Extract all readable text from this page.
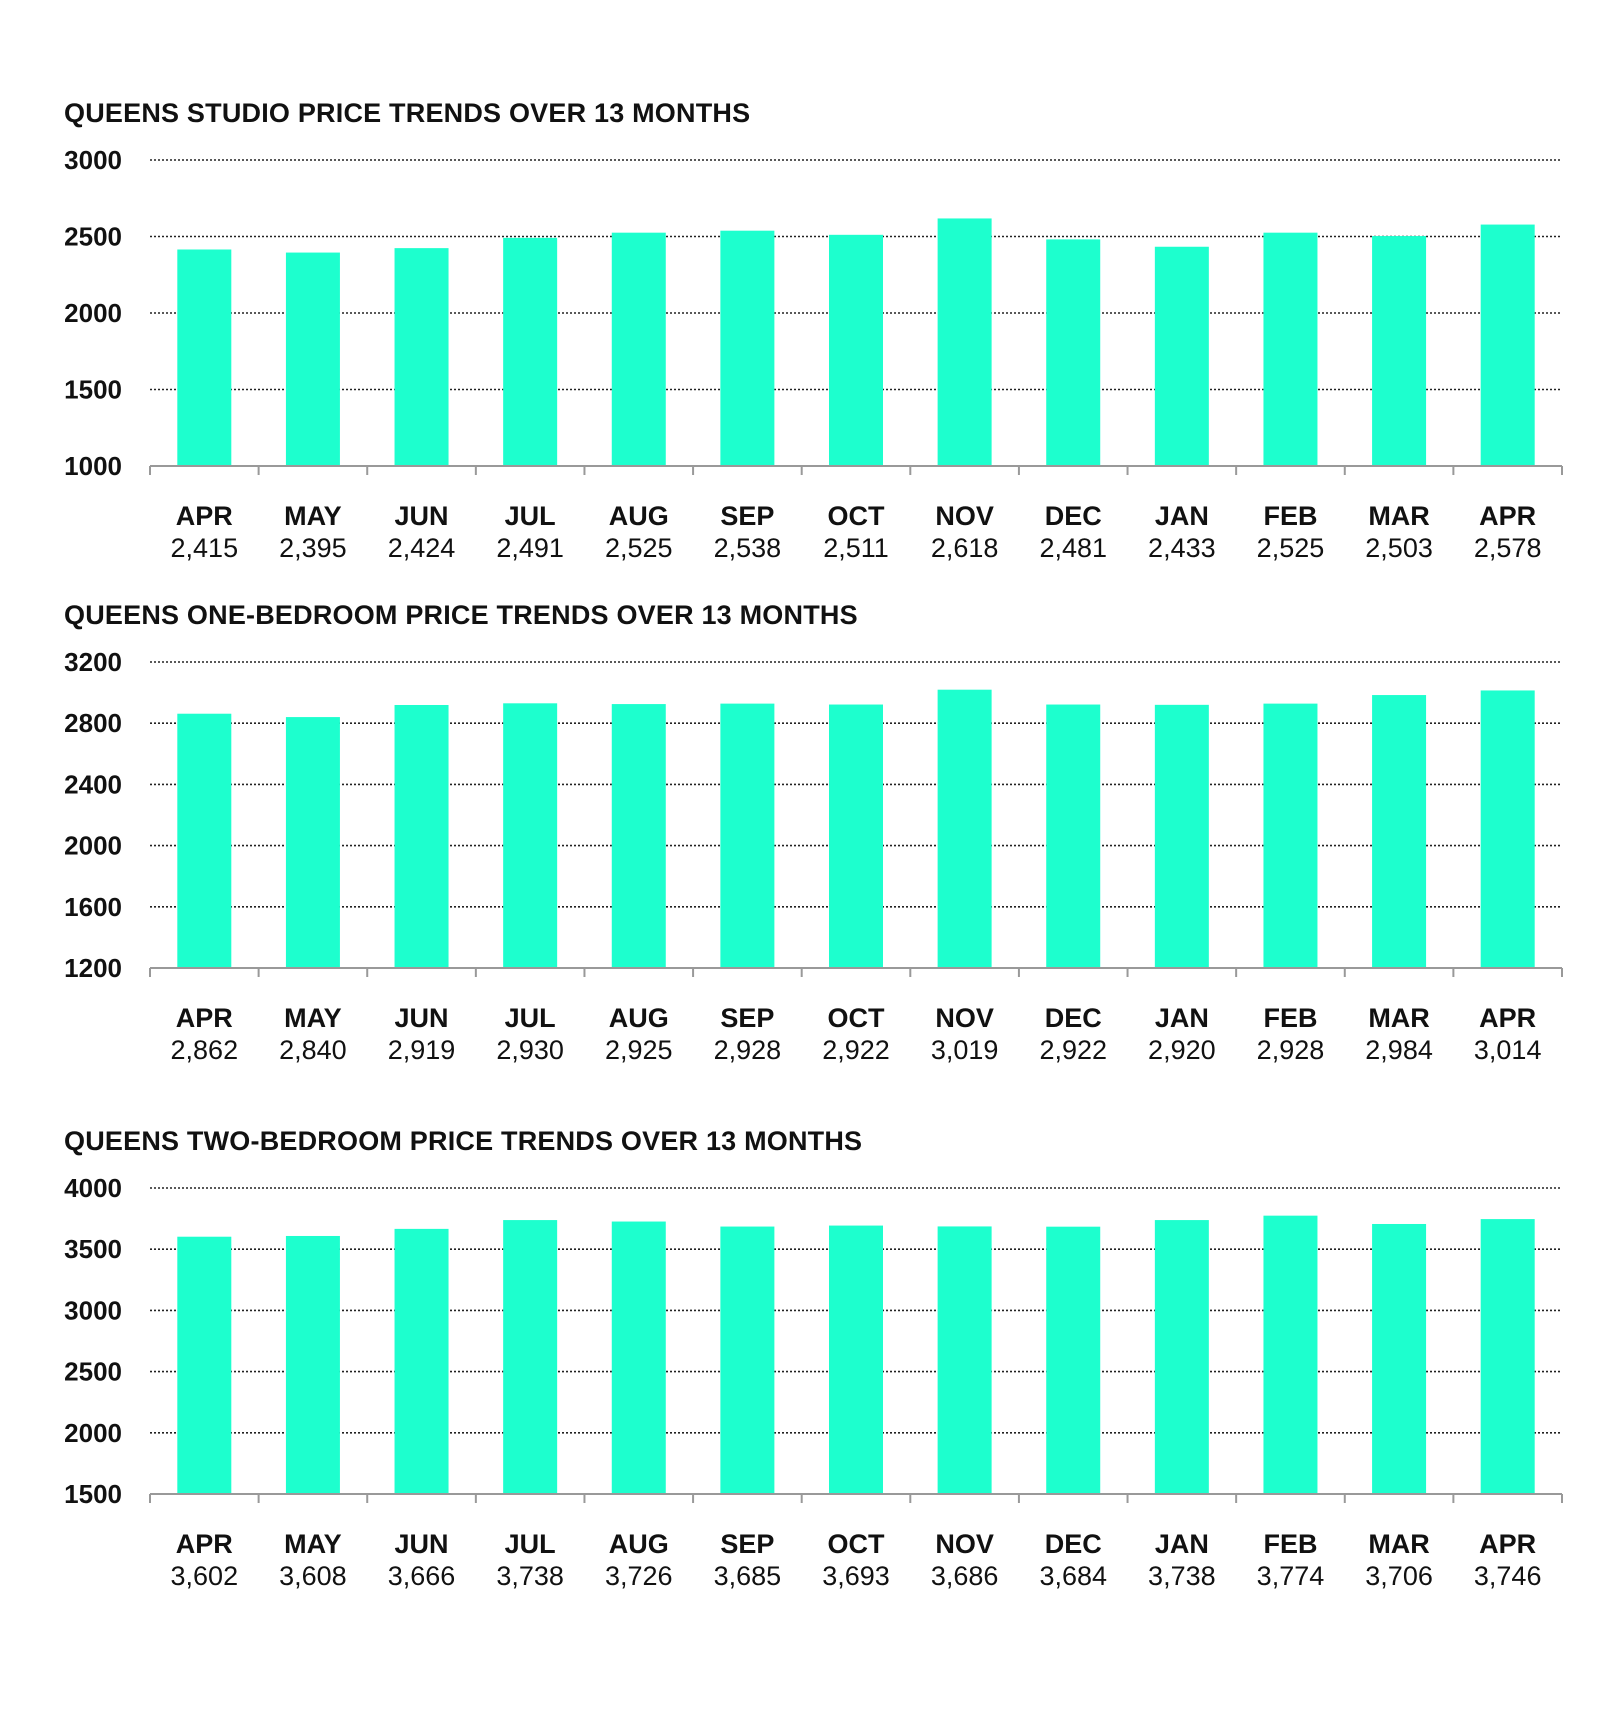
QUEENS STUDIO PRICE TRENDS OVER 13 MONTHS
1000
1500
2000
2500
3000
APR
2,415
MAY
2,395
JUN
2,424
JUL
2,491
AUG
2,525
SEP
2,538
OCT
2,511
NOV
2,618
DEC
2,481
JAN
2,433
FEB
2,525
MAR
2,503
APR
2,578
QUEENS ONE-BEDROOM PRICE TRENDS OVER 13 MONTHS
1200
1600
2000
2400
2800
3200
APR
2,862
MAY
2,840
JUN
2,919
JUL
2,930
AUG
2,925
SEP
2,928
OCT
2,922
NOV
3,019
DEC
2,922
JAN
2,920
FEB
2,928
MAR
2,984
APR
3,014
QUEENS TWO-BEDROOM PRICE TRENDS OVER 13 MONTHS
1500
2000
2500
3000
3500
4000
APR
3,602
MAY
3,608
JUN
3,666
JUL
3,738
AUG
3,726
SEP
3,685
OCT
3,693
NOV
3,686
DEC
3,684
JAN
3,738
FEB
3,774
MAR
3,706
APR
3,746
